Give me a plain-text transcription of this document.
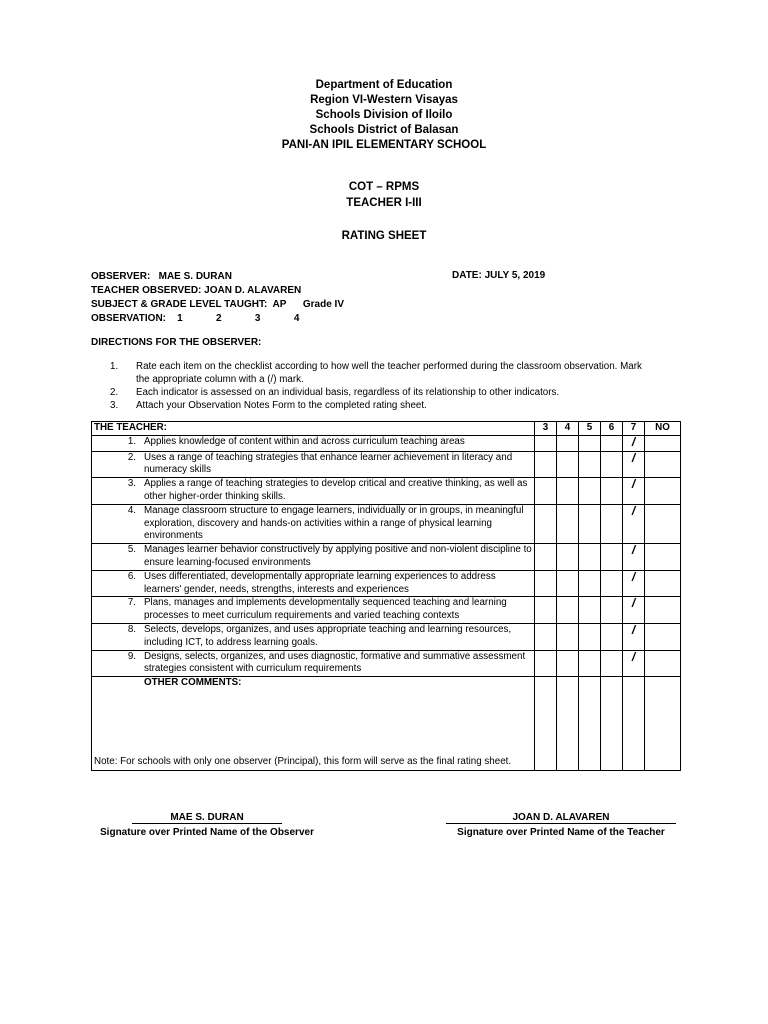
Department of Education
Region VI-Western Visayas
Schools Division of Iloilo
Schools District of Balasan
PANI-AN IPIL ELEMENTARY SCHOOL
COT – RPMS
TEACHER I-III
RATING SHEET
OBSERVER:   MAE S. DURAN	DATE: JULY 5, 2019
TEACHER OBSERVED: JOAN D. ALAVAREN
SUBJECT & GRADE LEVEL TAUGHT:  AP      Grade IV
OBSERVATION:    1            2            3            4
DIRECTIONS FOR THE OBSERVER:
1.	Rate each item on the checklist according to how well the teacher performed during the classroom observation. Mark the appropriate column with a (/) mark.
2.	Each indicator is assessed on an individual basis, regardless of its relationship to other indicators.
3.	Attach your Observation Notes Form to the completed rating sheet.
THE TEACHER:	3	4	5	6	7	NO

1. Applies knowledge of content within and across curriculum teaching areas					/	

2. Uses a range of teaching strategies that enhance learner achievement in literacy and numeracy skills					/	

3. Applies a range of teaching strategies to develop critical and creative thinking, as well as other higher-order thinking skills.					/	

4. Manage classroom structure to engage learners, individually or in groups, in meaningful exploration, discovery and hands-on activities within a range of physical learning environments					/	

5. Manages learner behavior constructively by applying positive and non-violent discipline to ensure learning-focused environments					/	

6. Uses differentiated, developmentally appropriate learning experiences to address learners' gender, needs, strengths, interests and experiences					/	

7. Plans, manages and implements developmentally sequenced teaching and learning processes to meet curriculum requirements and varied teaching contexts					/	

8. Selects, develops, organizes, and uses appropriate teaching and learning resources, including ICT, to address learning goals.					/	

9. Designs, selects, organizes, and uses diagnostic, formative and summative assessment strategies consistent with curriculum requirements					/	

OTHER COMMENTS:
Note: For schools with only one observer (Principal), this form will serve as the final rating sheet.						

MAE S. DURAN
Signature over Printed Name of the Observer
JOAN D. ALAVAREN
Signature over Printed Name of the Teacher
